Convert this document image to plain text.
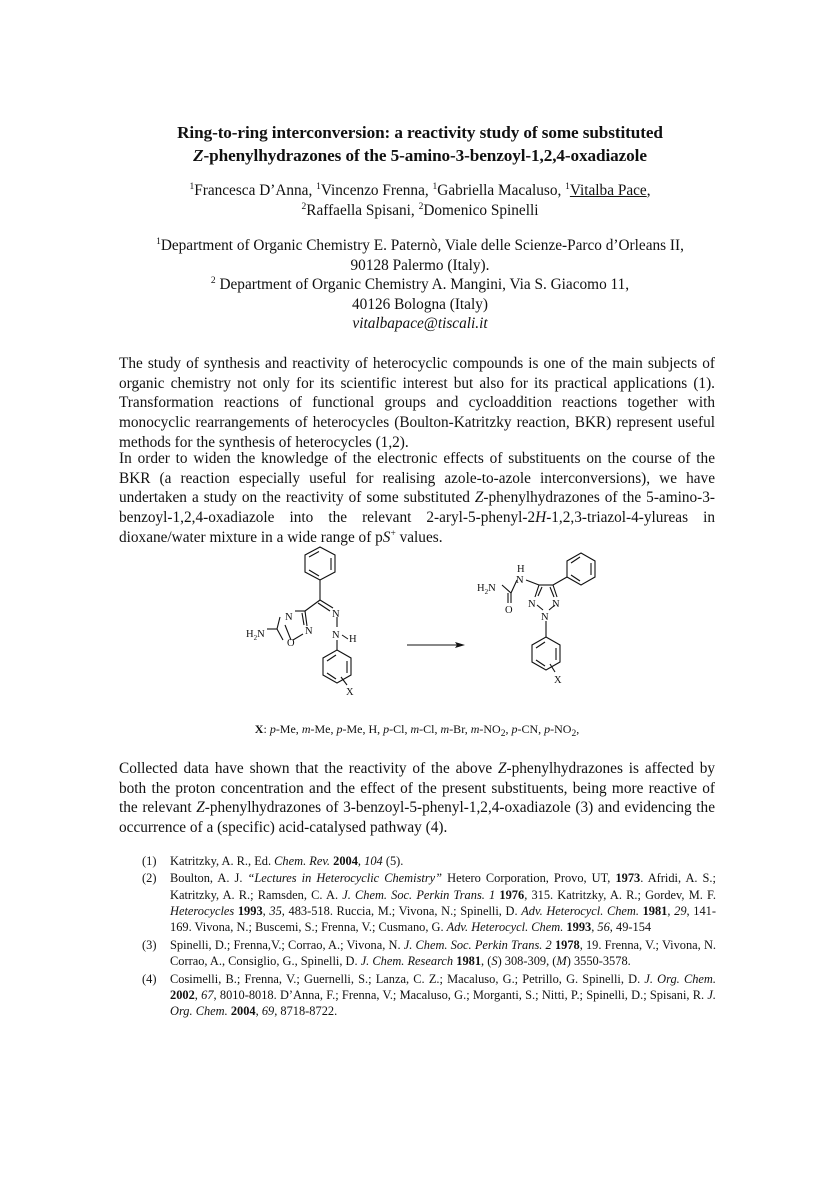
Ring-to-ring interconversion: a reactivity study of some substituted
Z-phenylhydrazones of the 5-amino-3-benzoyl-1,2,4-oxadiazole
$^1$Francesca D’Anna, $^1$Vincenzo Frenna, $^1$Gabriella Macaluso, $^1$Vitalba Pace,
$^2$Raffaella Spisani, $^2$Domenico Spinelli
$^1$Department of Organic Chemistry E. Paternò, Viale delle Scienze-Parco d’Orleans II,
90128 Palermo (Italy).
$^2$ Department of Organic Chemistry A. Mangini, Via S. Giacomo 11,
40126 Bologna (Italy)
vitalbapace@tiscali.it
The study of synthesis and reactivity of heterocyclic compounds is one of the main subjects of organic chemistry not only for its scientific interest but also for its practical applications (1). Transformation reactions of functional groups and cycloaddition reactions together with monocyclic rearrangements of heterocycles (Boulton-Katritzky reaction, BKR) represent useful methods for the synthesis of heterocycles (1,2).
In order to widen the knowledge of the electronic effects of substituents on the course of the BKR (a reaction especially useful for realising azole-to-azole interconversions), we have undertaken a study on the reactivity of some substituted Z-phenylhydrazones of the 5-amino-3-benzoyl-1,2,4-oxadiazole into the relevant 2-aryl-5-phenyl-2H-1,2,3-triazol-4-ylureas in dioxane/water mixture in a wide range of pS+ values.
$H_2N$
N
N
O
N
N H
X
$H_2N$
H
N
O
N N
N
X
X: p-Me, m-Me, p-Me, H, p-Cl, m-Cl, m-Br, $m-NO_2$, p-CN, $p-NO_2$,
Collected data have shown that the reactivity of the above Z-phenylhydrazones is affected by both the proton concentration and the effect of the present substituents, being more reactive of the relevant Z-phenylhydrazones of 3-benzoyl-5-phenyl-1,2,4-oxadiazole (3) and evidencing the occurrence of a (specific) acid-catalysed pathway (4).
(1) Katritzky, A. R., Ed. Chem. Rev. 2004, 104 (5).
(2) Boulton, A. J. “Lectures in Heterocyclic Chemistry” Hetero Corporation, Provo, UT, 1973. Afridi, A. S.; Katritzky, A. R.; Ramsden, C. A. J. Chem. Soc. Perkin Trans. 1 1976, 315. Katritzky, A. R.; Gordev, M. F. Heterocycles 1993, 35, 483-518. Ruccia, M.; Vivona, N.; Spinelli, D. Adv. Heterocycl. Chem. 1981, 29, 141-169. Vivona, N.; Buscemi, S.; Frenna, V.; Cusmano, G. Adv. Heterocycl. Chem. 1993, 56, 49-154
(3) Spinelli, D.; Frenna,V.; Corrao, A.; Vivona, N. J. Chem. Soc. Perkin Trans. 2 1978, 19. Frenna, V.; Vivona, N. Corrao, A., Consiglio, G., Spinelli, D. J. Chem. Research 1981, (S) 308-309, (M) 3550-3578.
(4) Cosimelli, B.; Frenna, V.; Guernelli, S.; Lanza, C. Z.; Macaluso, G.; Petrillo, G. Spinelli, D. J. Org. Chem. 2002, 67, 8010-8018. D’Anna, F.; Frenna, V.; Macaluso, G.; Morganti, S.; Nitti, P.; Spinelli, D.; Spisani, R. J. Org. Chem. 2004, 69, 8718-8722.
